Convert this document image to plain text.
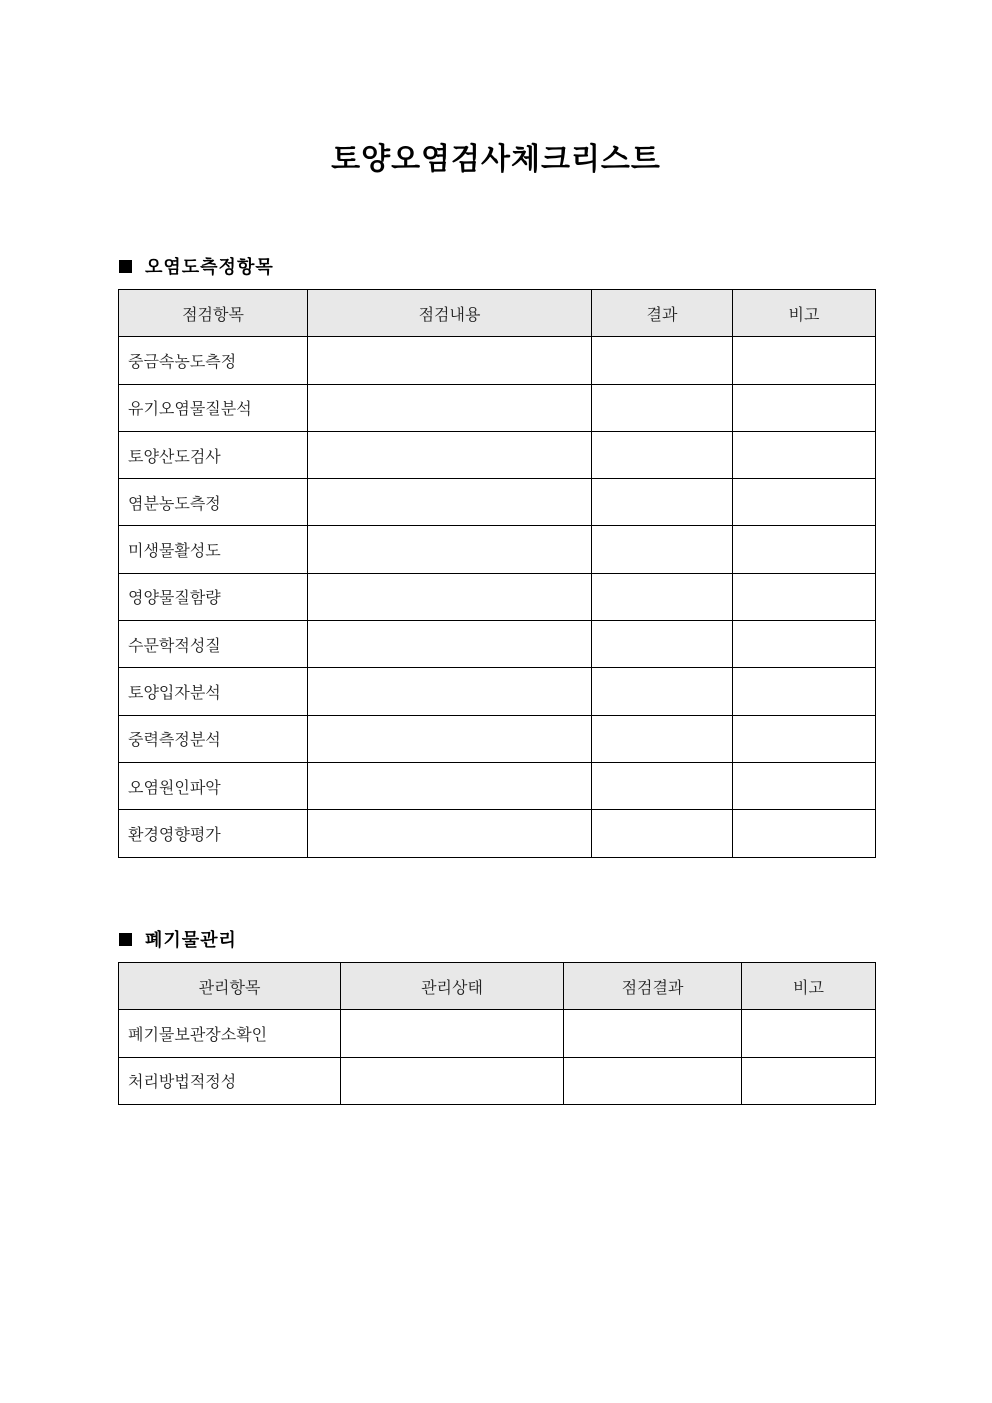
토양오염검사체크리스트
오염도측정항목
점검항목	점검내용	결과	비고
중금속농도측정			
유기오염물질분석			
토양산도검사			
염분농도측정			
미생물활성도			
영양물질함량			
수문학적성질			
토양입자분석			
중력측정분석			
오염원인파악			
환경영향평가			
폐기물관리
관리항목	관리상태	점검결과	비고
폐기물보관장소확인			
처리방법적정성			
